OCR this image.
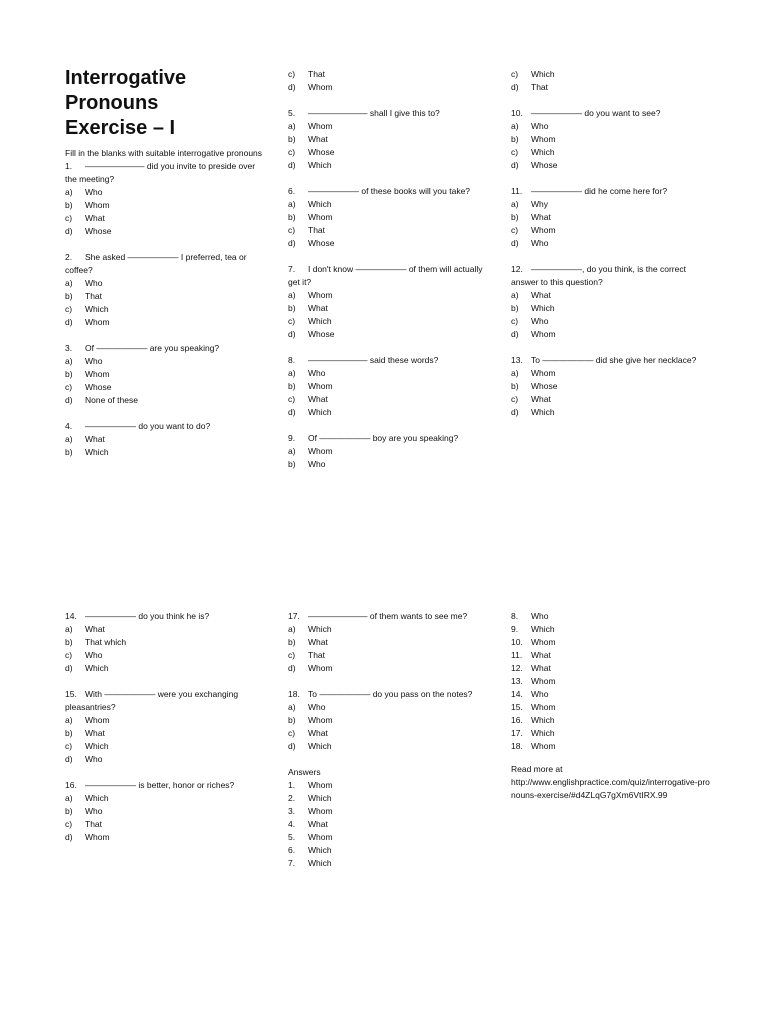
Interrogative
Pronouns
Exercise – I
Fill in the blanks with suitable interrogative pronouns
1. ——————— did you invite to preside over the meeting?
a) Who
b) Whom
c) What
d) Whose
2. She asked —————— I preferred, tea or coffee?
a) Who
b) That
c) Which
d) Whom
3. Of —————— are you speaking?
a) Who
b) Whom
c) Whose
d) None of these
4. —————— do you want to do?
a) What
b) Which
c) That
d) Whom
5. ——————— shall I give this to?
a) Whom
b) What
c) Whose
d) Which
6. —————— of these books will you take?
a) Which
b) Whom
c) That
d) Whose
7. I don't know —————— of them will actually get it?
a) Whom
b) What
c) Which
d) Whose
8. ——————— said these words?
a) Who
b) Whom
c) What
d) Which
9. Of —————— boy are you speaking?
a) Whom
b) Who
c) Which
d) That
10. —————— do you want to see?
a) Who
b) Whom
c) Which
d) Whose
11. —————— did he come here for?
a) Why
b) What
c) Whom
d) Who
12. ——————, do you think, is the correct answer to this question?
a) What
b) Which
c) Who
d) Whom
13. To —————— did she give her necklace?
a) Whom
b) Whose
c) What
d) Which
14. —————— do you think he is?
a) What
b) That which
c) Who
d) Which
15. With —————— were you exchanging pleasantries?
a) Whom
b) What
c) Which
d) Who
16. —————— is better, honor or riches?
a) Which
b) Who
c) That
d) Whom
17. ——————— of them wants to see me?
a) Which
b) What
c) That
d) Whom
18. To —————— do you pass on the notes?
a) Who
b) Whom
c) What
d) Which
Answers
1. Whom
2. Which
3. Whom
4. What
5. Whom
6. Which
7. Which
8. Who
9. Which
10. Whom
11. What
12. What
13. Whom
14. Who
15. Whom
16. Which
17. Which
18. Whom
Read more at
http://www.englishpractice.com/quiz/interrogative-pronouns-exercise/#d4ZLqG7gXm6VtIRX.99
